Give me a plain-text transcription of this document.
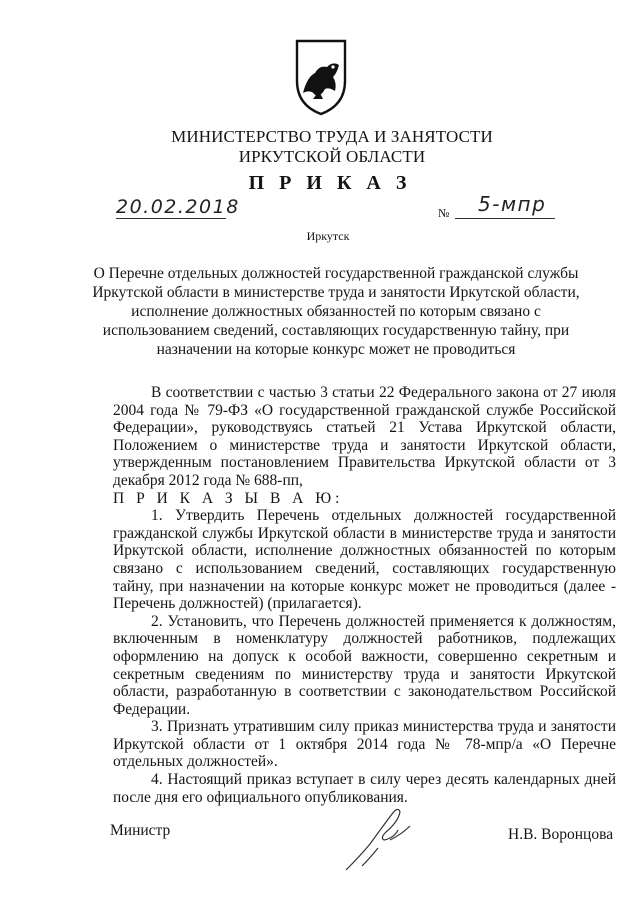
МИНИСТЕРСТВО ТРУДА И ЗАНЯТОСТИ
ИРКУТСКОЙ ОБЛАСТИ
П Р И К А З
20.02.2018	№ 5-мпр
Иркутск
О Перечне отдельных должностей государственной гражданской службы Иркутской области в министерстве труда и занятости Иркутской области, исполнение должностных обязанностей по которым связано с использованием сведений, составляющих государственную тайну, при назначении на которые конкурс может не проводиться

В соответствии с частью 3 статьи 22 Федерального закона от 27 июля 2004 года № 79-ФЗ «О государственной гражданской службе Российской Федерации», руководствуясь статьей 21 Устава Иркутской области, Положением о министерстве труда и занятости Иркутской области, утвержденным постановлением Правительства Иркутской области от 3 декабря 2012 года № 688-пп,

П Р И К А З Ы В А Ю:

1. Утвердить Перечень отдельных должностей государственной гражданской службы Иркутской области в министерстве труда и занятости Иркутской области, исполнение должностных обязанностей по которым связано с использованием сведений, составляющих государственную тайну, при назначении на которые конкурс может не проводиться (далее - Перечень должностей) (прилагается).

2. Установить, что Перечень должностей применяется к должностям, включенным в номенклатуру должностей работников, подлежащих оформлению на допуск к особой важности, совершенно секретным и секретным сведениям по министерству труда и занятости Иркутской области, разработанную в соответствии с законодательством Российской Федерации.

3. Признать утратившим силу приказ министерства труда и занятости Иркутской области от 1 октября 2014 года № 78-мпр/а «О Перечне отдельных должностей».

4. Настоящий приказ вступает в силу через десять календарных дней после дня его официального опубликования.

Министр	Н.В. Воронцова
